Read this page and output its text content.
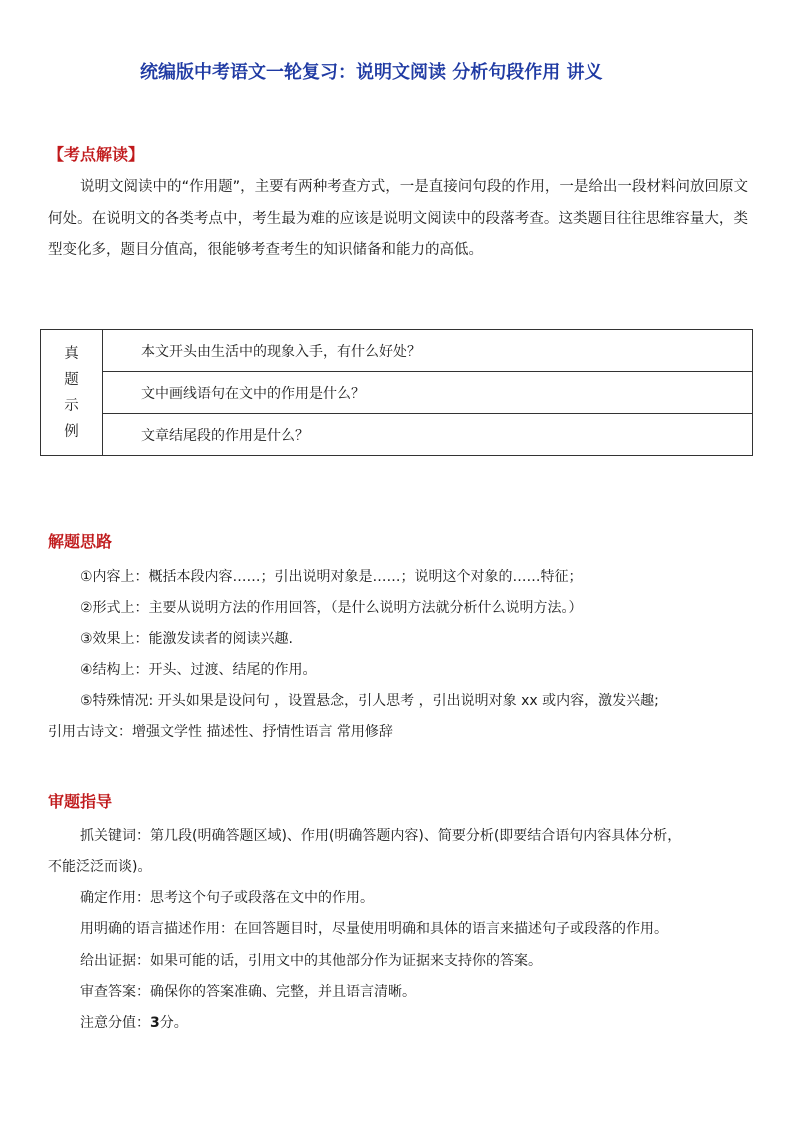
统编版中考语文一轮复习：说明文阅读 分析句段作用 讲义
【考点解读】

说明文阅读中的“作用题”，主要有两种考查方式，一是直接问句段的作用，一是给出一段材料问放回原文何处。在说明文的各类考点中，考生最为难的应该是说明文阅读中的段落考查。这类题目往往思维容量大，类型变化多，题目分值高，很能够考查考生的知识储备和能力的高低。

真
题
示
例
	本文开头由生活中的现象入手，有什么好处？
文中画线语句在文中的作用是什么？
文章结尾段的作用是什么？
解题思路

①内容上：概括本段内容……；引出说明对象是……；说明这个对象的……特征；

②形式上：主要从说明方法的作用回答，（是什么说明方法就分析什么说明方法。）

③效果上：能激发读者的阅读兴趣.

④结构上：开头、过渡、结尾的作用。

⑤特殊情况: 开头如果是设问句 ，设置悬念，引人思考 ，引出说明对象 xx 或内容，激发兴趣;

引用古诗文：增强文学性 描述性、抒情性语言 常用修辞

审题指导

抓关键词：第几段(明确答题区域)、作用(明确答题内容)、简要分析(即要结合语句内容具体分析，

不能泛泛而谈)。

确定作用：思考这个句子或段落在文中的作用。

用明确的语言描述作用：在回答题目时，尽量使用明确和具体的语言来描述句子或段落的作用。

给出证据：如果可能的话，引用文中的其他部分作为证据来支持你的答案。

审查答案：确保你的答案准确、完整，并且语言清晰。

注意分值：3分。
